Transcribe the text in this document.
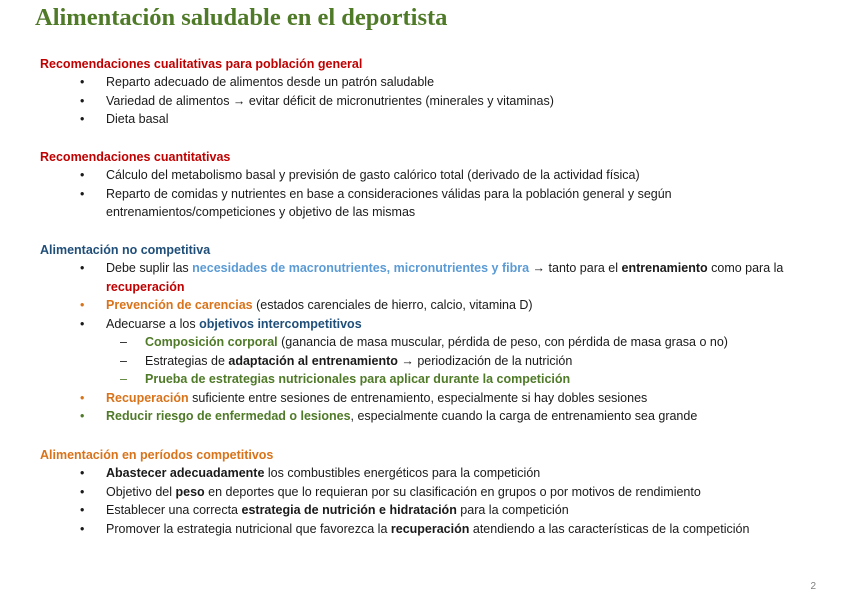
Alimentación saludable en el deportista
Recomendaciones cualitativas para población general
• Reparto adecuado de alimentos desde un patrón saludable
• Variedad de alimentos → evitar déficit de micronutrientes (minerales y vitaminas)
• Dieta basal
Recomendaciones cuantitativas
• Cálculo del metabolismo basal y previsión de gasto calórico total (derivado de la actividad física)
• Reparto de comidas y nutrientes en base a consideraciones válidas para la población general y según entrenamientos/competiciones y objetivo de las mismas
Alimentación no competitiva
• Debe suplir las necesidades de macronutrientes, micronutrientes y fibra → tanto para el entrenamiento como para la recuperación
• Prevención de carencias (estados carenciales de hierro, calcio, vitamina D)
• Adecuarse a los objetivos intercompetitivos
– Composición corporal (ganancia de masa muscular, pérdida de peso, con pérdida de masa grasa o no)
– Estrategias de adaptación al entrenamiento → periodización de la nutrición
– Prueba de estrategias nutricionales para aplicar durante la competición
• Recuperación suficiente entre sesiones de entrenamiento, especialmente si hay dobles sesiones
• Reducir riesgo de enfermedad o lesiones, especialmente cuando la carga de entrenamiento sea grande
Alimentación en períodos competitivos
• Abastecer adecuadamente los combustibles energéticos para la competición
• Objetivo del peso en deportes que lo requieran por su clasificación en grupos o por motivos de rendimiento
• Establecer una correcta estrategia de nutrición e hidratación para la competición
• Promover la estrategia nutricional que favorezca la recuperación atendiendo a las características de la competición
2
